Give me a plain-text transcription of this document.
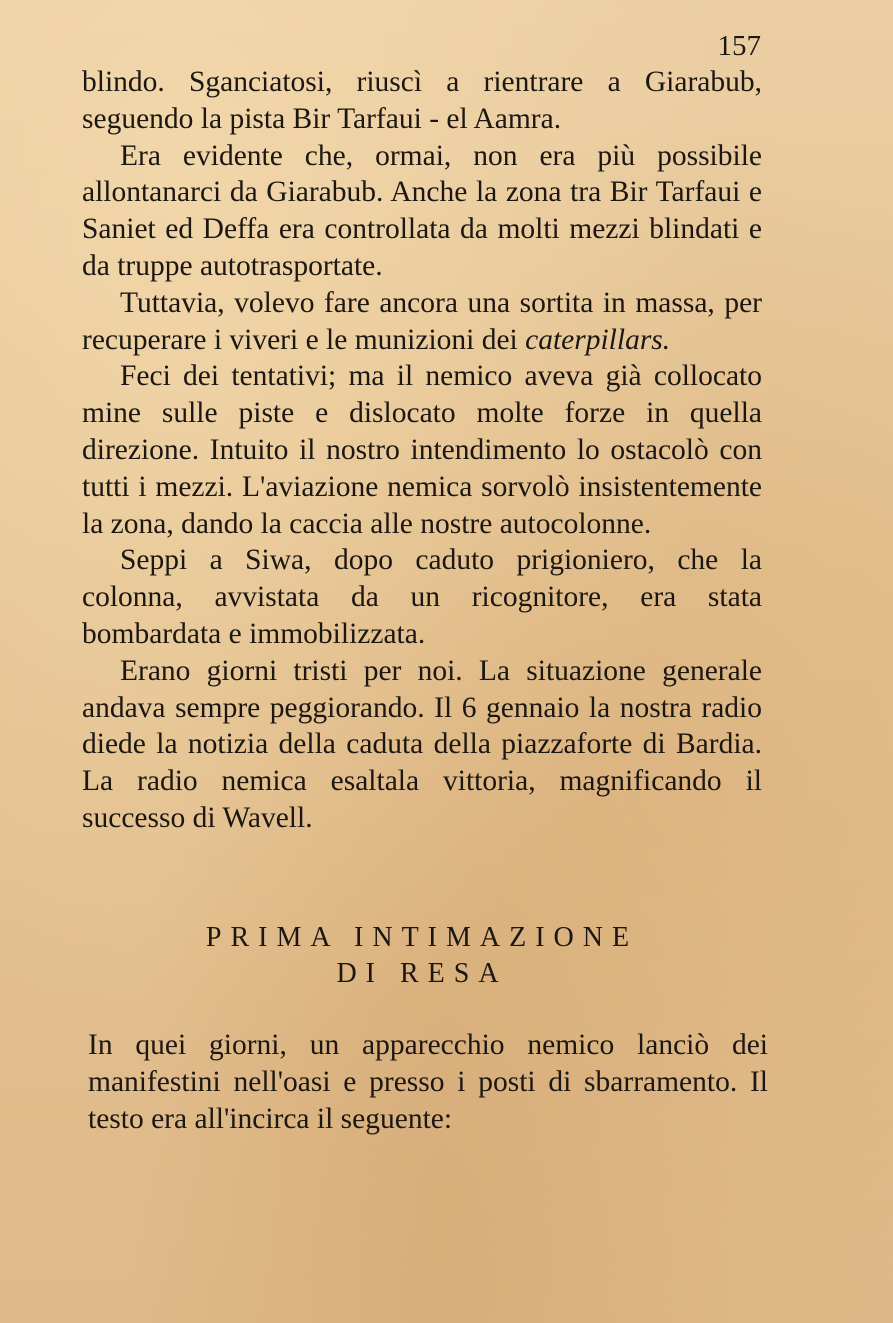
157

blindo. Sganciatosi, riuscì a rientrare a Giarabub, seguendo la pista Bir Tarfaui - el Aamra.

Era evidente che, ormai, non era più possibile allontanarci da Giarabub. Anche la zona tra Bir Tarfaui e Saniet ed Deffa era controllata da molti mezzi blindati e da truppe autotrasportate.

Tuttavia, volevo fare ancora una sortita in massa, per recuperare i viveri e le munizioni dei caterpillars.

Feci dei tentativi; ma il nemico aveva già collocato mine sulle piste e dislocato molte forze in quella direzione. Intuito il nostro intendimento lo ostacolò con tutti i mezzi. L'aviazione nemica sorvolò insistentemente la zona, dando la caccia alle nostre autocolonne.

Seppi a Siwa, dopo caduto prigioniero, che la colonna, avvistata da un ricognitore, era stata bombardata e immobilizzata.

Erano giorni tristi per noi. La situazione generale andava sempre peggiorando. Il 6 gennaio la nostra radio diede la notizia della caduta della piazzaforte di Bardia. La radio nemica esaltala vittoria, magnificando il successo di Wavell.

PRIMA INTIMAZIONE
DI RESA

In quei giorni, un apparecchio nemico lanciò dei manifestini nell'oasi e presso i posti di sbarramento. Il testo era all'incirca il seguente:
